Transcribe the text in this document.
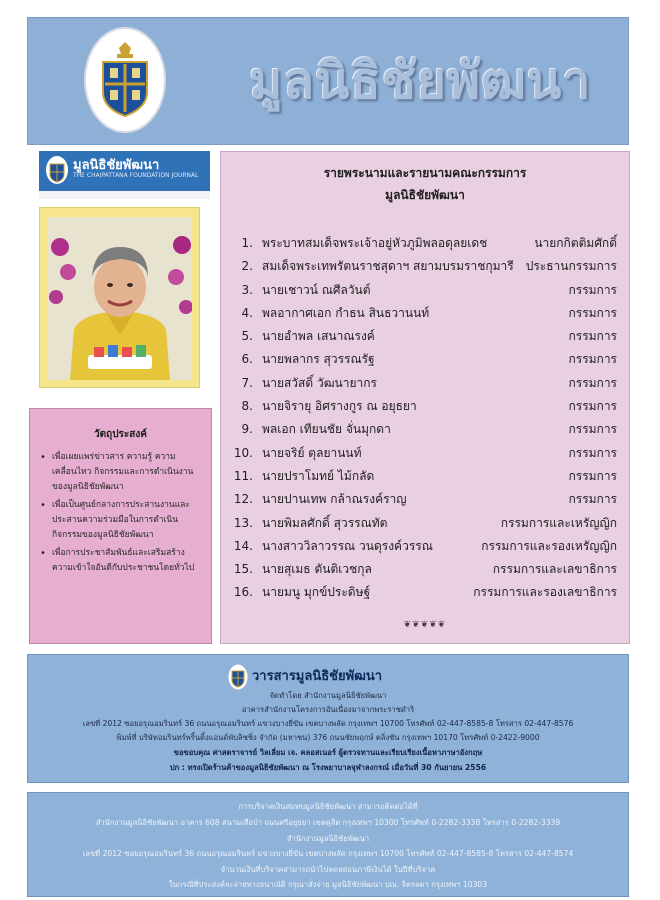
มูลนิธิชัยพัฒนา
มูลนิธิชัยพัฒนา
THE CHAIPATTANA FOUNDATION JOURNAL
วัตถุประสงค์
• เพื่อเผยแพร่ข่าวสาร ความรู้ ความเคลื่อนไหว กิจกรรมและการดำเนินงานของมูลนิธิชัยพัฒนา
• เพื่อเป็นศูนย์กลางการประสานงานและประสานความร่วมมือในการดำเนินกิจกรรมของมูลนิธิชัยพัฒนา
• เพื่อการประชาสัมพันธ์และเสริมสร้างความเข้าใจอันดีกับประชาชนโดยทั่วไป
รายพระนามและรายนามคณะกรรมการ
มูลนิธิชัยพัฒนา
1. พระบาทสมเด็จพระเจ้าอยู่หัวภูมิพลอดุลยเดช	นายกกิตติมศักดิ์
2. สมเด็จพระเทพรัตนราชสุดาฯ สยามบรมราชกุมารี ประธานกรรมการ
3. นายเชาวน์ ณศีลวันต์	กรรมการ
4. พลอากาศเอก กำธน สินธวานนท์	กรรมการ
5. นายอำพล เสนาณรงค์	กรรมการ
6. นายพลากร สุวรรณรัฐ	กรรมการ
7. นายสวัสดิ์ วัฒนายากร	กรรมการ
8. นายจิรายุ อิศรางกูร ณ อยุธยา	กรรมการ
9. พลเอก เทียนชัย จั่นมุกดา	กรรมการ
10. นายจริย์ ตุลยานนท์	กรรมการ
11. นายปราโมทย์ ไม้กลัด	กรรมการ
12. นายปานเทพ กล้าณรงค์ราญ	กรรมการ
13. นายพิมลศักดิ์ สุวรรณทัต	กรรมการและเหรัญญิก
14. นางสาววิลาวรรณ วนดุรงค์วรรณ	กรรมการและรองเหรัญญิก
15. นายสุเมธ ตันติเวชกุล	กรรมการและเลขาธิการ
16. นายมนู มุกข์ประดิษฐ์	กรรมการและรองเลขาธิการ
❦❦❦❦❦
วารสารมูลนิธิชัยพัฒนา
จัดทำโดย สำนักงานมูลนิธิชัยพัฒนา
อาคารสำนักงานโครงการอันเนื่องมาจากพระราชดำริ
เลขที่ 2012 ซอยอรุณอมรินทร์ 36 ถนนอรุณอมรินทร์ แขวงบางยี่ขัน เขตบางพลัด กรุงเทพฯ 10700 โทรศัพท์ 02-447-8585-8 โทรสาร 02-447-8576
พิมพ์ที่ บริษัทอมรินทร์พริ้นติ้งแอนด์พับลิชชิ่ง จำกัด (มหาชน) 376 ถนนชัยพฤกษ์ ตลิ่งชัน กรุงเทพฯ 10170 โทรศัพท์ 0-2422-9000
ขอขอบคุณ ศาสตราจารย์ วิลเลี่ยม เจ. คลอสเนอร์ ผู้ตรวจทานและเรียบเรียงเนื้อหาภาษาอังกฤษ
ปก : ทรงเปิดร้านค้าของมูลนิธิชัยพัฒนา ณ โรงพยาบาลจุฬาลงกรณ์ เมื่อวันที่ 30 กันยายน 2556
การบริจาคเงินสมทบมูลนิธิชัยพัฒนา สามารถติดต่อได้ที่
สำนักงานมูลนิธิชัยพัฒนา อาคาร 608 สนามเสือป่า ถนนศรีอยุธยา เขตดุสิต กรุงเทพฯ 10300 โทรศัพท์ 0-2282-3338 โทรสาร 0-2282-3339
สำนักงานมูลนิธิชัยพัฒนา
เลขที่ 2012 ซอยอรุณอมรินทร์ 36 ถนนอรุณอมรินทร์ แขวงบางยี่ขัน เขตบางพลัด กรุงเทพฯ 10700 โทรศัพท์ 02-447-8585-8 โทรสาร 02-447-8574
จำนวนเงินที่บริจาคสามารถนำไปลดหย่อนภาษีเงินได้ ในปีที่บริจาค
ในกรณีที่ประสงค์จะจ่ายทางธนาณัติ กรุณาสั่งจ่าย มูลนิธิชัยพัฒนา ปณ. จิตรลดา กรุงเทพฯ 10303
